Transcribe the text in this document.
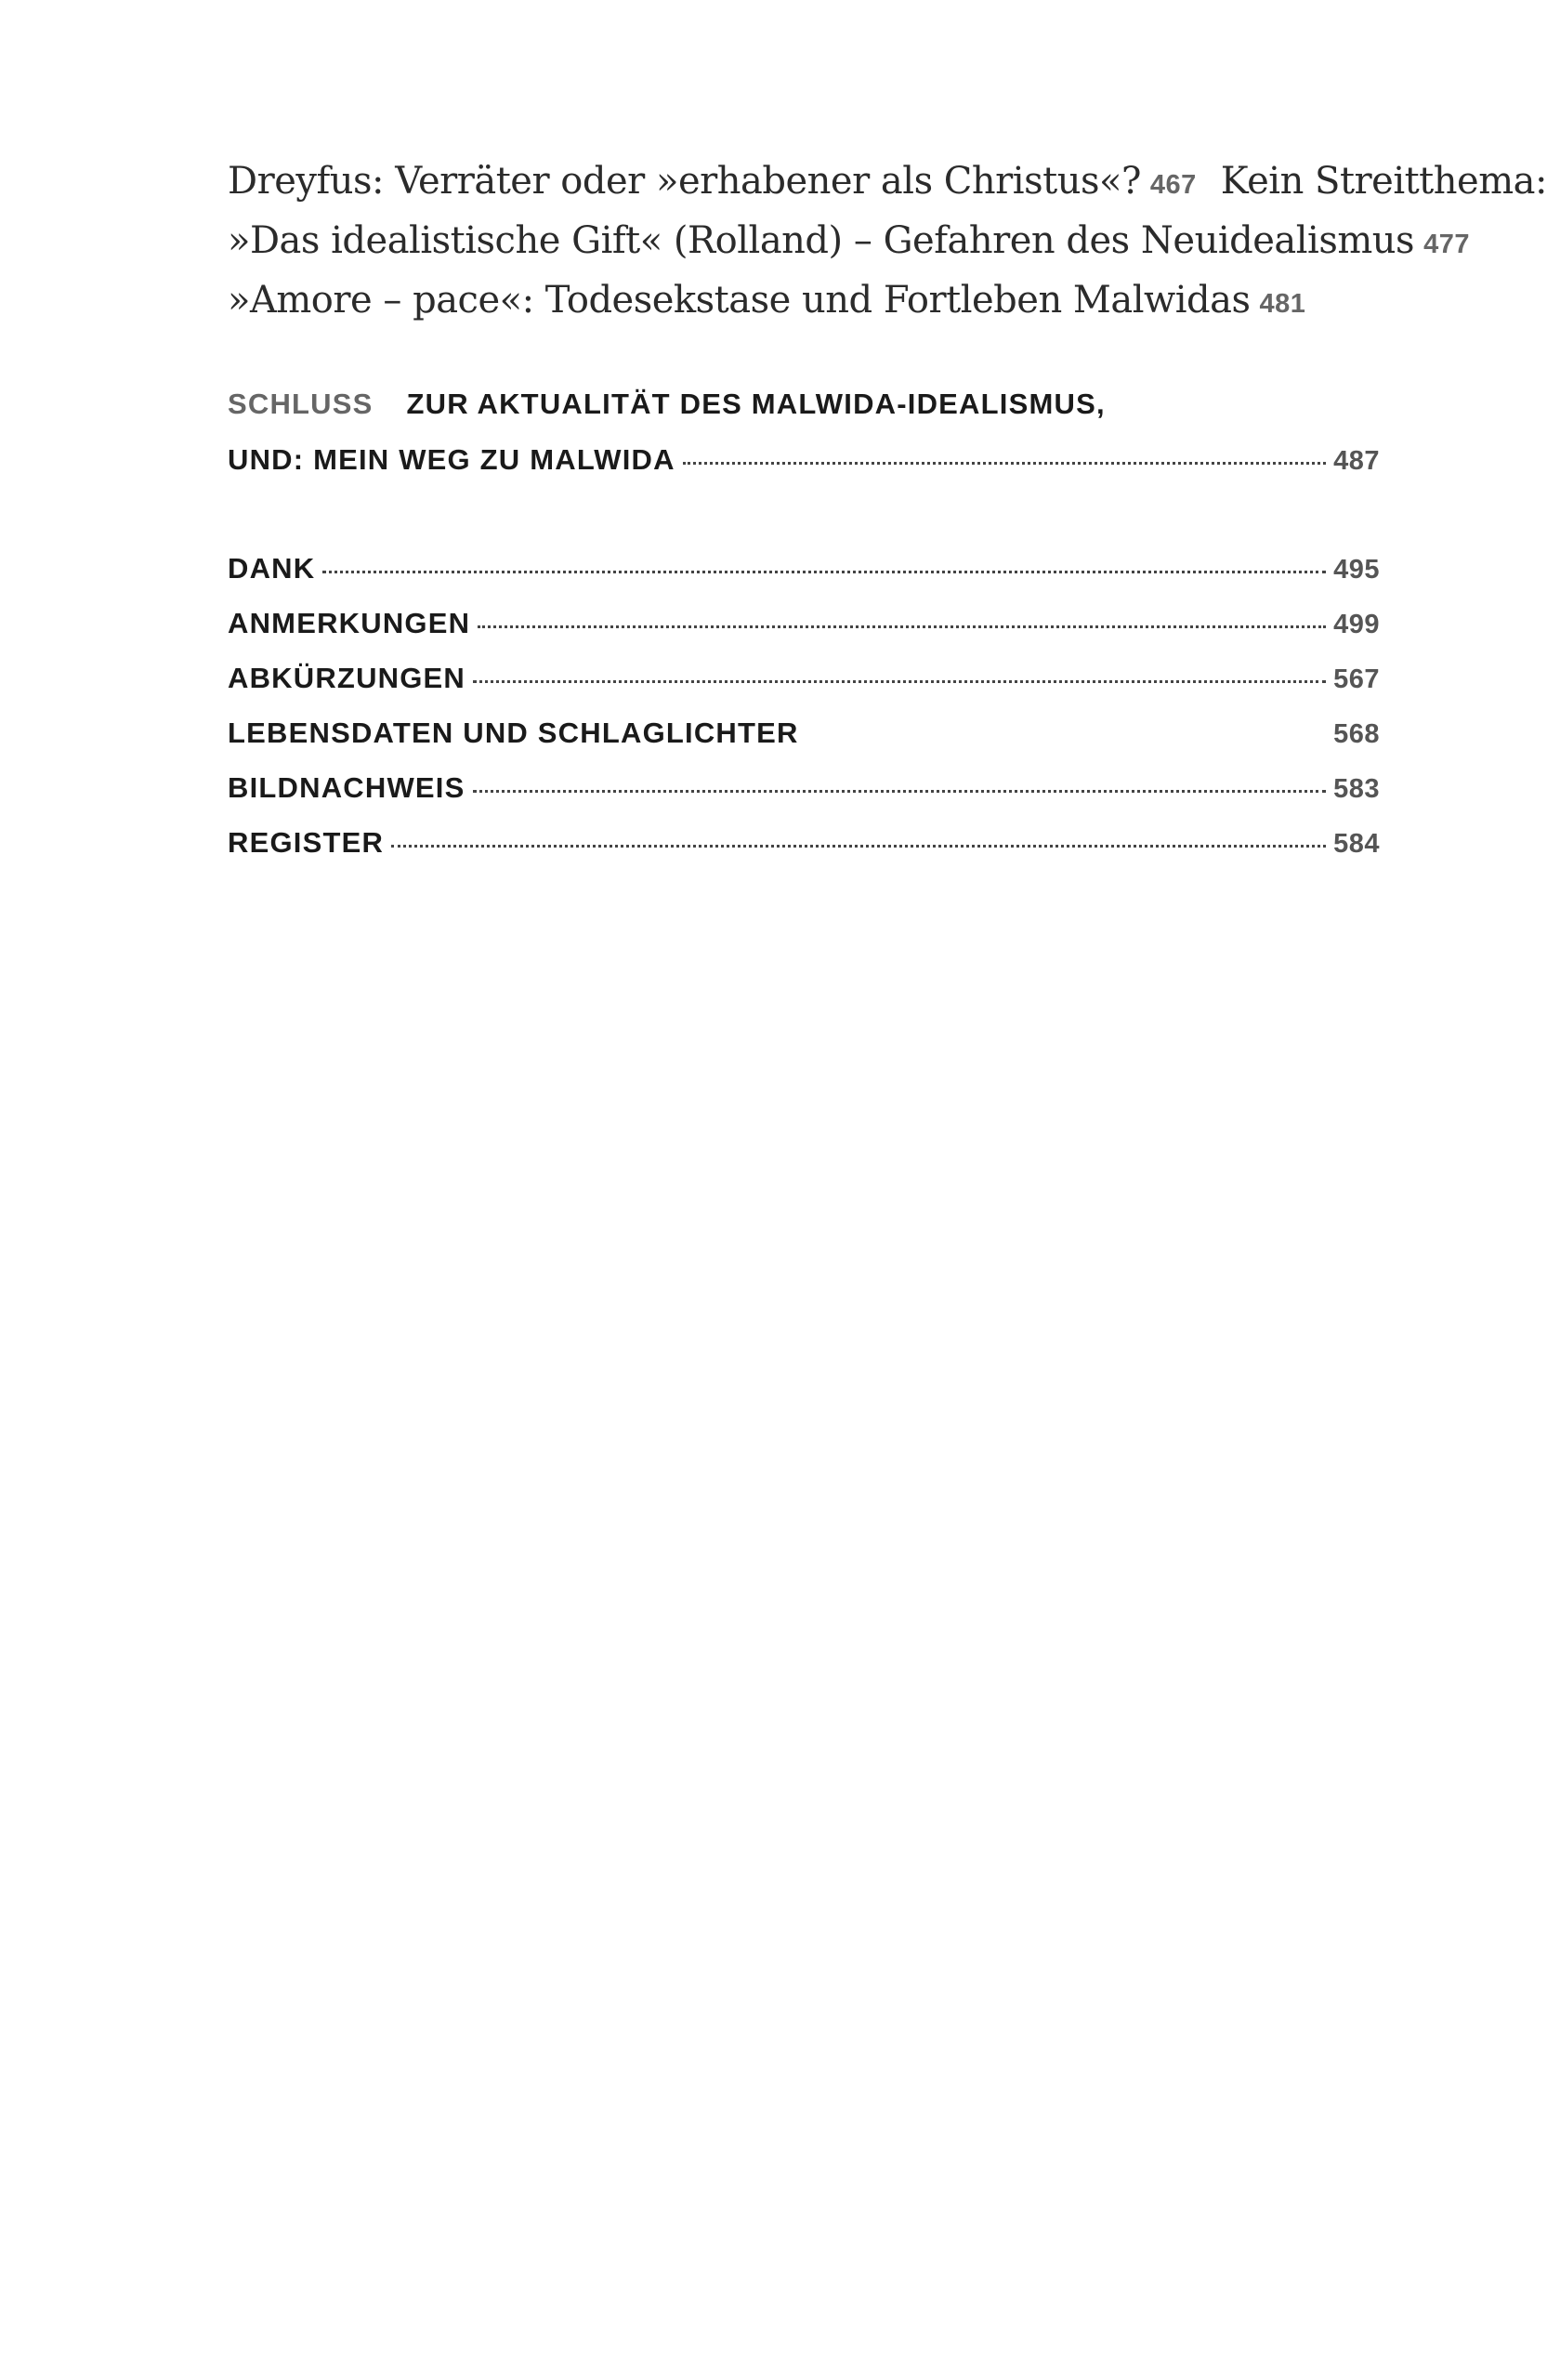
Dreyfus: Verräter oder »erhabener als Christus«? 467 Kein Streitthema:
»Das idealistische Gift« (Rolland) – Gefahren des Neuidealismus 477
»Amore – pace«: Todesekstase und Fortleben Malwidas 481
SCHLUSS ZUR AKTUALITÄT DES MALWIDA-IDEALISMUS,
UND: MEIN WEG ZU MALWIDA	487
DANK	495
ANMERKUNGEN	499
ABKÜRZUNGEN	567
LEBENSDATEN UND SCHLAGLICHTER	568
BILDNACHWEIS	583
REGISTER	584
